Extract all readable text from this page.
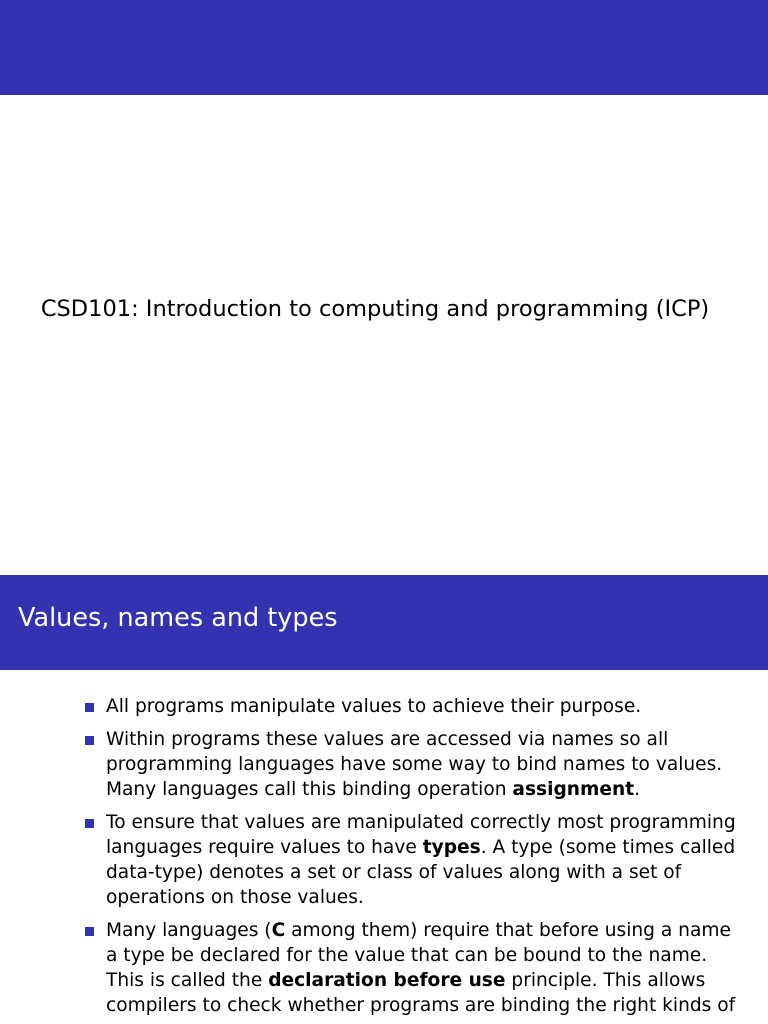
CSD101: Introduction to computing and programming (ICP)
Values, names and types
All programs manipulate values to achieve their purpose.
Within programs these values are accessed via names so all
programming languages have some way to bind names to values.
Many languages call this binding operation assignment.
To ensure that values are manipulated correctly most programming
languages require values to have types. A type (some times called
data-type) denotes a set or class of values along with a set of
operations on those values.
Many languages (C among them) require that before using a name
a type be declared for the value that can be bound to the name.
This is called the declaration before use principle. This allows
compilers to check whether programs are binding the right kinds of
